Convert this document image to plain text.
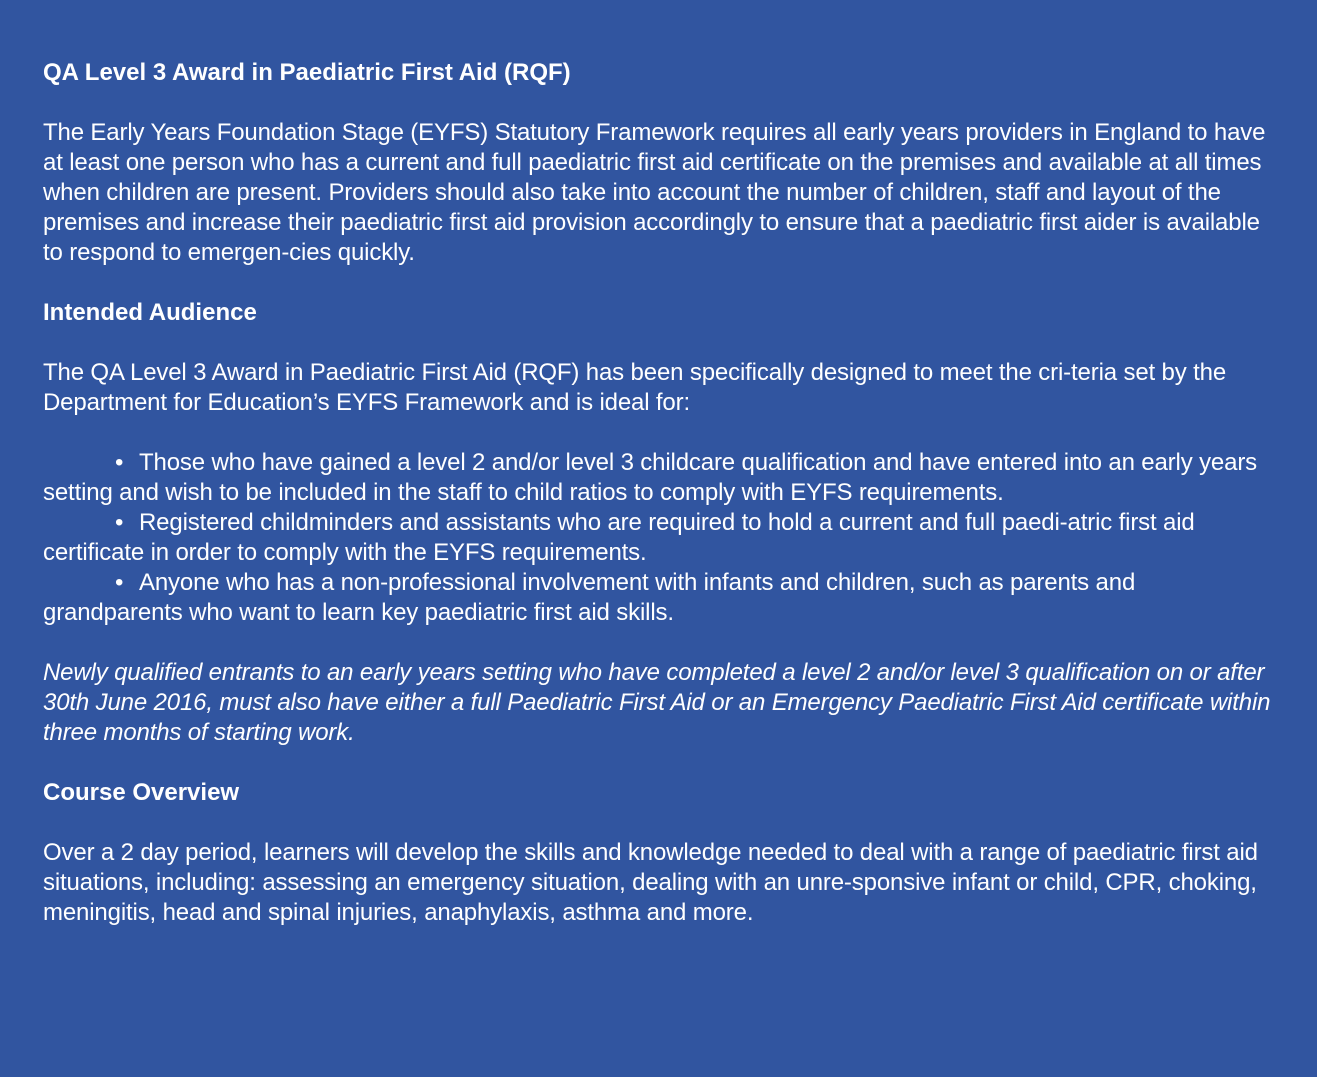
QA Level 3 Award in Paediatric First Aid (RQF)

The Early Years Foundation Stage (EYFS) Statutory Framework requires all early years providers in England to have at least one person who has a current and full paediatric first aid certificate on the premises and available at all times when children are present. Providers should also take into account the number of children, staff and layout of the premises and increase their paediatric first aid provision accordingly to ensure that a paediatric first aider is available to respond to emergen-cies quickly.

Intended Audience

The QA Level 3 Award in Paediatric First Aid (RQF) has been specifically designed to meet the cri-teria set by the Department for Education’s EYFS Framework and is ideal for:

• Those who have gained a level 2 and/or level 3 childcare qualification and have entered into an early years setting and wish to be included in the staff to child ratios to comply with EYFS requirements.
• Registered childminders and assistants who are required to hold a current and full paedi-atric first aid certificate in order to comply with the EYFS requirements.
• Anyone who has a non-professional involvement with infants and children, such as parents and grandparents who want to learn key paediatric first aid skills.

Newly qualified entrants to an early years setting who have completed a level 2 and/or level 3 qualification on or after 30th June 2016, must also have either a full Paediatric First Aid or an Emergency Paediatric First Aid certificate within three months of starting work.

Course Overview

Over a 2 day period, learners will develop the skills and knowledge needed to deal with a range of paediatric first aid situations, including: assessing an emergency situation, dealing with an unre-sponsive infant or child, CPR, choking, meningitis, head and spinal injuries, anaphylaxis, asthma and more.
